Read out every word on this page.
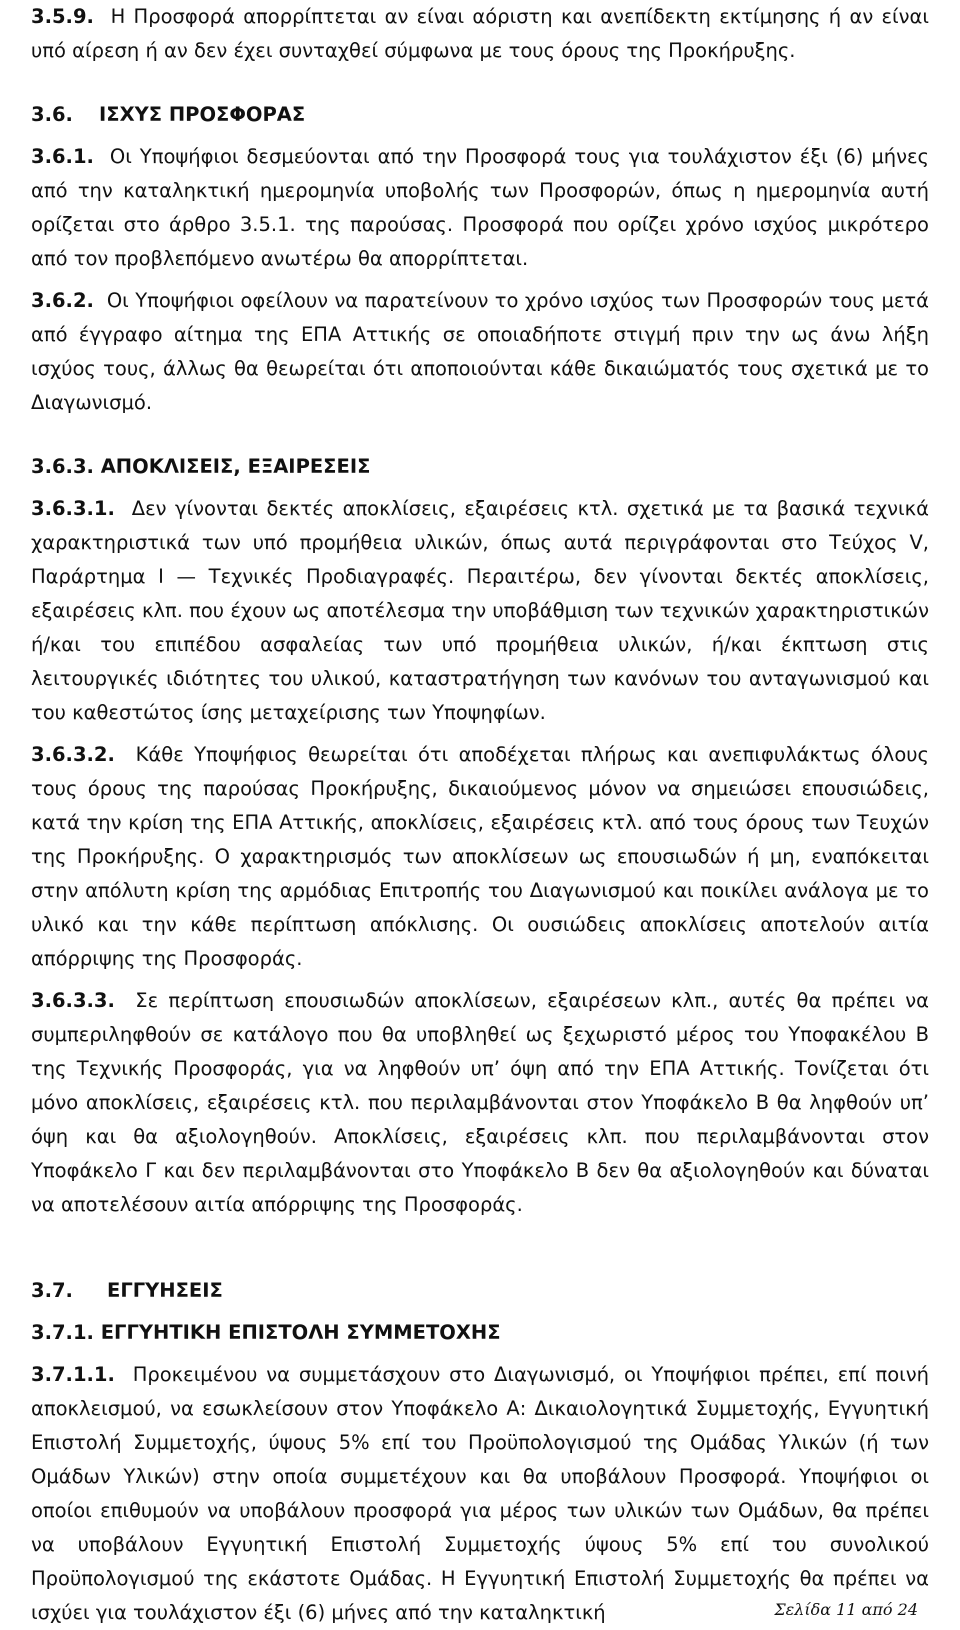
3.5.9. Η Προσφορά απορρίπτεται αν είναι αόριστη και ανεπίδεκτη εκτίμησης ή αν είναι υπό αίρεση ή αν δεν έχει συνταχθεί σύμφωνα με τους όρους της Προκήρυξης.

3.6. ΙΣΧΥΣ ΠΡΟΣΦΟΡΑΣ

3.6.1. Οι Υποψήφιοι δεσμεύονται από την Προσφορά τους για τουλάχιστον έξι (6) μήνες από την καταληκτική ημερομηνία υποβολής των Προσφορών, όπως η ημερομηνία αυτή ορίζεται στο άρθρο 3.5.1. της παρούσας. Προσφορά που ορίζει χρόνο ισχύος μικρότερο από τον προβλεπόμενο ανωτέρω θα απορρίπτεται.

3.6.2. Οι Υποψήφιοι οφείλουν να παρατείνουν το χρόνο ισχύος των Προσφορών τους μετά από έγγραφο αίτημα της ΕΠΑ Αττικής σε οποιαδήποτε στιγμή πριν την ως άνω λήξη ισχύος τους, άλλως θα θεωρείται ότι αποποιούνται κάθε δικαιώματός τους σχετικά με το Διαγωνισμό.

3.6.3. ΑΠΟΚΛΙΣΕΙΣ, ΕΞΑΙΡΕΣΕΙΣ

3.6.3.1. Δεν γίνονται δεκτές αποκλίσεις, εξαιρέσεις κτλ. σχετικά με τα βασικά τεχνικά χαρακτηριστικά των υπό προμήθεια υλικών, όπως αυτά περιγράφονται στο Τεύχος V, Παράρτημα Ι — Τεχνικές Προδιαγραφές. Περαιτέρω, δεν γίνονται δεκτές αποκλίσεις, εξαιρέσεις κλπ. που έχουν ως αποτέλεσμα την υποβάθμιση των τεχνικών χαρακτηριστικών ή/και του επιπέδου ασφαλείας των υπό προμήθεια υλικών, ή/και έκπτωση στις λειτουργικές ιδιότητες του υλικού, καταστρατήγηση των κανόνων του ανταγωνισμού και του καθεστώτος ίσης μεταχείρισης των Υποψηφίων.

3.6.3.2. Κάθε Υποψήφιος θεωρείται ότι αποδέχεται πλήρως και ανεπιφυλάκτως όλους τους όρους της παρούσας Προκήρυξης, δικαιούμενος μόνον να σημειώσει επουσιώδεις, κατά την κρίση της ΕΠΑ Αττικής, αποκλίσεις, εξαιρέσεις κτλ. από τους όρους των Τευχών της Προκήρυξης. Ο χαρακτηρισμός των αποκλίσεων ως επουσιωδών ή μη, εναπόκειται στην απόλυτη κρίση της αρμόδιας Επιτροπής του Διαγωνισμού και ποικίλει ανάλογα με το υλικό και την κάθε περίπτωση απόκλισης. Οι ουσιώδεις αποκλίσεις αποτελούν αιτία απόρριψης της Προσφοράς.

3.6.3.3. Σε περίπτωση επουσιωδών αποκλίσεων, εξαιρέσεων κλπ., αυτές θα πρέπει να συμπεριληφθούν σε κατάλογο που θα υποβληθεί ως ξεχωριστό μέρος του Υποφακέλου Β της Τεχνικής Προσφοράς, για να ληφθούν υπ’ όψη από την ΕΠΑ Αττικής. Τονίζεται ότι μόνο αποκλίσεις, εξαιρέσεις κτλ. που περιλαμβάνονται στον Υποφάκελο Β θα ληφθούν υπ’ όψη και θα αξιολογηθούν. Αποκλίσεις, εξαιρέσεις κλπ. που περιλαμβάνονται στον Υποφάκελο Γ και δεν περιλαμβάνονται στο Υποφάκελο Β δεν θα αξιολογηθούν και δύναται να αποτελέσουν αιτία απόρριψης της Προσφοράς.

3.7. ΕΓΓΥΗΣΕΙΣ

3.7.1. ΕΓΓΥΗΤΙΚΗ ΕΠΙΣΤΟΛΗ ΣΥΜΜΕΤΟΧΗΣ

3.7.1.1. Προκειμένου να συμμετάσχουν στο Διαγωνισμό, οι Υποψήφιοι πρέπει, επί ποινή αποκλεισμού, να εσωκλείσουν στον Υποφάκελο Α: Δικαιολογητικά Συμμετοχής, Εγγυητική Επιστολή Συμμετοχής, ύψους 5% επί του Προϋπολογισμού της Ομάδας Υλικών (ή των Ομάδων Υλικών) στην οποία συμμετέχουν και θα υποβάλουν Προσφορά. Υποψήφιοι οι οποίοι επιθυμούν να υποβάλουν προσφορά για μέρος των υλικών των Ομάδων, θα πρέπει να υποβάλουν Εγγυητική Επιστολή Συμμετοχής ύψους 5% επί του συνολικού Προϋπολογισμού της εκάστοτε Ομάδας. Η Εγγυητική Επιστολή Συμμετοχής θα πρέπει να ισχύει για τουλάχιστον έξι (6) μήνες από την καταληκτική	Σελίδα 11 από 24
